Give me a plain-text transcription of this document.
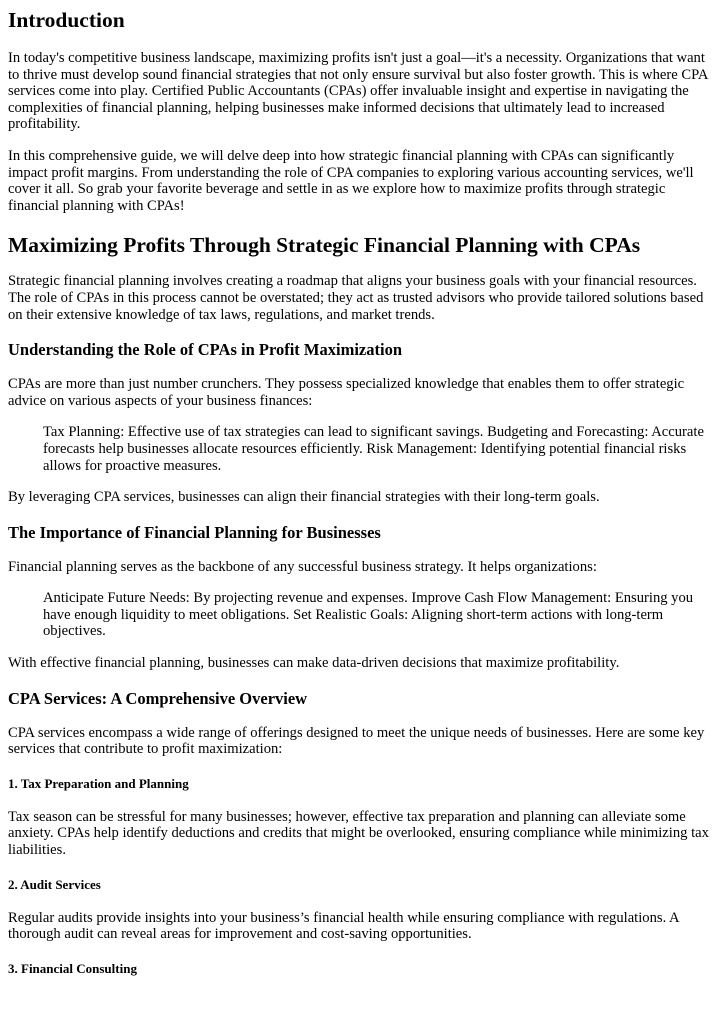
Introduction

In today's competitive business landscape, maximizing profits isn't just a goal—it's a necessity. Organizations that want to thrive must develop sound financial strategies that not only ensure survival but also foster growth. This is where CPA services come into play. Certified Public Accountants (CPAs) offer invaluable insight and expertise in navigating the complexities of financial planning, helping businesses make informed decisions that ultimately lead to increased profitability.

In this comprehensive guide, we will delve deep into how strategic financial planning with CPAs can significantly impact profit margins. From understanding the role of CPA companies to exploring various accounting services, we'll cover it all. So grab your favorite beverage and settle in as we explore how to maximize profits through strategic financial planning with CPAs!

Maximizing Profits Through Strategic Financial Planning with CPAs

Strategic financial planning involves creating a roadmap that aligns your business goals with your financial resources. The role of CPAs in this process cannot be overstated; they act as trusted advisors who provide tailored solutions based on their extensive knowledge of tax laws, regulations, and market trends.

Understanding the Role of CPAs in Profit Maximization

CPAs are more than just number crunchers. They possess specialized knowledge that enables them to offer strategic advice on various aspects of your business finances:

Tax Planning: Effective use of tax strategies can lead to significant savings. Budgeting and Forecasting: Accurate forecasts help businesses allocate resources efficiently. Risk Management: Identifying potential financial risks allows for proactive measures.

By leveraging CPA services, businesses can align their financial strategies with their long-term goals.

The Importance of Financial Planning for Businesses

Financial planning serves as the backbone of any successful business strategy. It helps organizations:

Anticipate Future Needs: By projecting revenue and expenses. Improve Cash Flow Management: Ensuring you have enough liquidity to meet obligations. Set Realistic Goals: Aligning short-term actions with long-term objectives.

With effective financial planning, businesses can make data-driven decisions that maximize profitability.

CPA Services: A Comprehensive Overview

CPA services encompass a wide range of offerings designed to meet the unique needs of businesses. Here are some key services that contribute to profit maximization:

1. Tax Preparation and Planning

Tax season can be stressful for many businesses; however, effective tax preparation and planning can alleviate some anxiety. CPAs help identify deductions and credits that might be overlooked, ensuring compliance while minimizing tax liabilities.

2. Audit Services

Regular audits provide insights into your business’s financial health while ensuring compliance with regulations. A thorough audit can reveal areas for improvement and cost-saving opportunities.

3. Financial Consulting
